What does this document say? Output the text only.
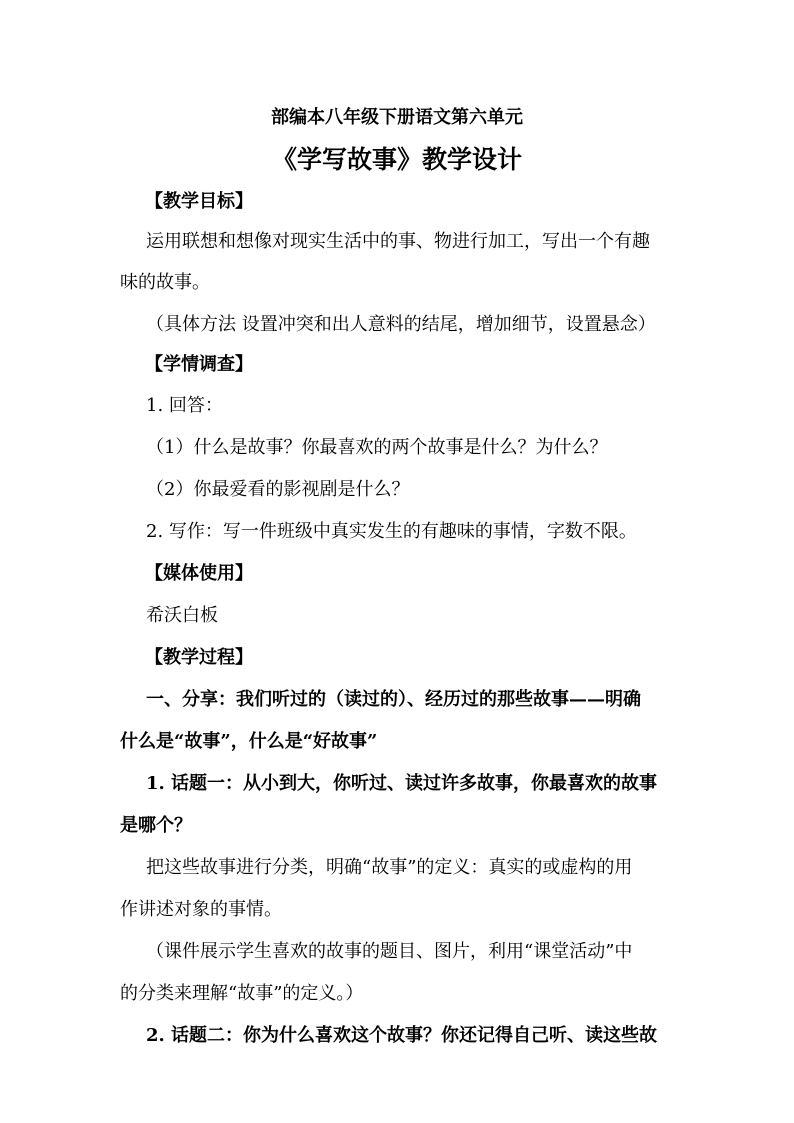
部编本八年级下册语文第六单元
《学写故事》教学设计
【教学目标】
运用联想和想像对现实生活中的事、物进行加工，写出一个有趣
味的故事。
（具体方法 设置冲突和出人意料的结尾，增加细节，设置悬念）
【学情调查】
1. 回答：
（1）什么是故事？你最喜欢的两个故事是什么？为什么？
（2）你最爱看的影视剧是什么？
2. 写作：写一件班级中真实发生的有趣味的事情，字数不限。
【媒体使用】
希沃白板
【教学过程】
一、分享：我们听过的（读过的）、经历过的那些故事——明确
什么是“故事”，什么是“好故事”
1. 话题一：从小到大，你听过、读过许多故事，你最喜欢的故事
是哪个？
把这些故事进行分类，明确“故事”的定义：真实的或虚构的用
作讲述对象的事情。
（课件展示学生喜欢的故事的题目、图片，利用“课堂活动”中
的分类来理解“故事”的定义。）
2. 话题二：你为什么喜欢这个故事？你还记得自己听、读这些故
